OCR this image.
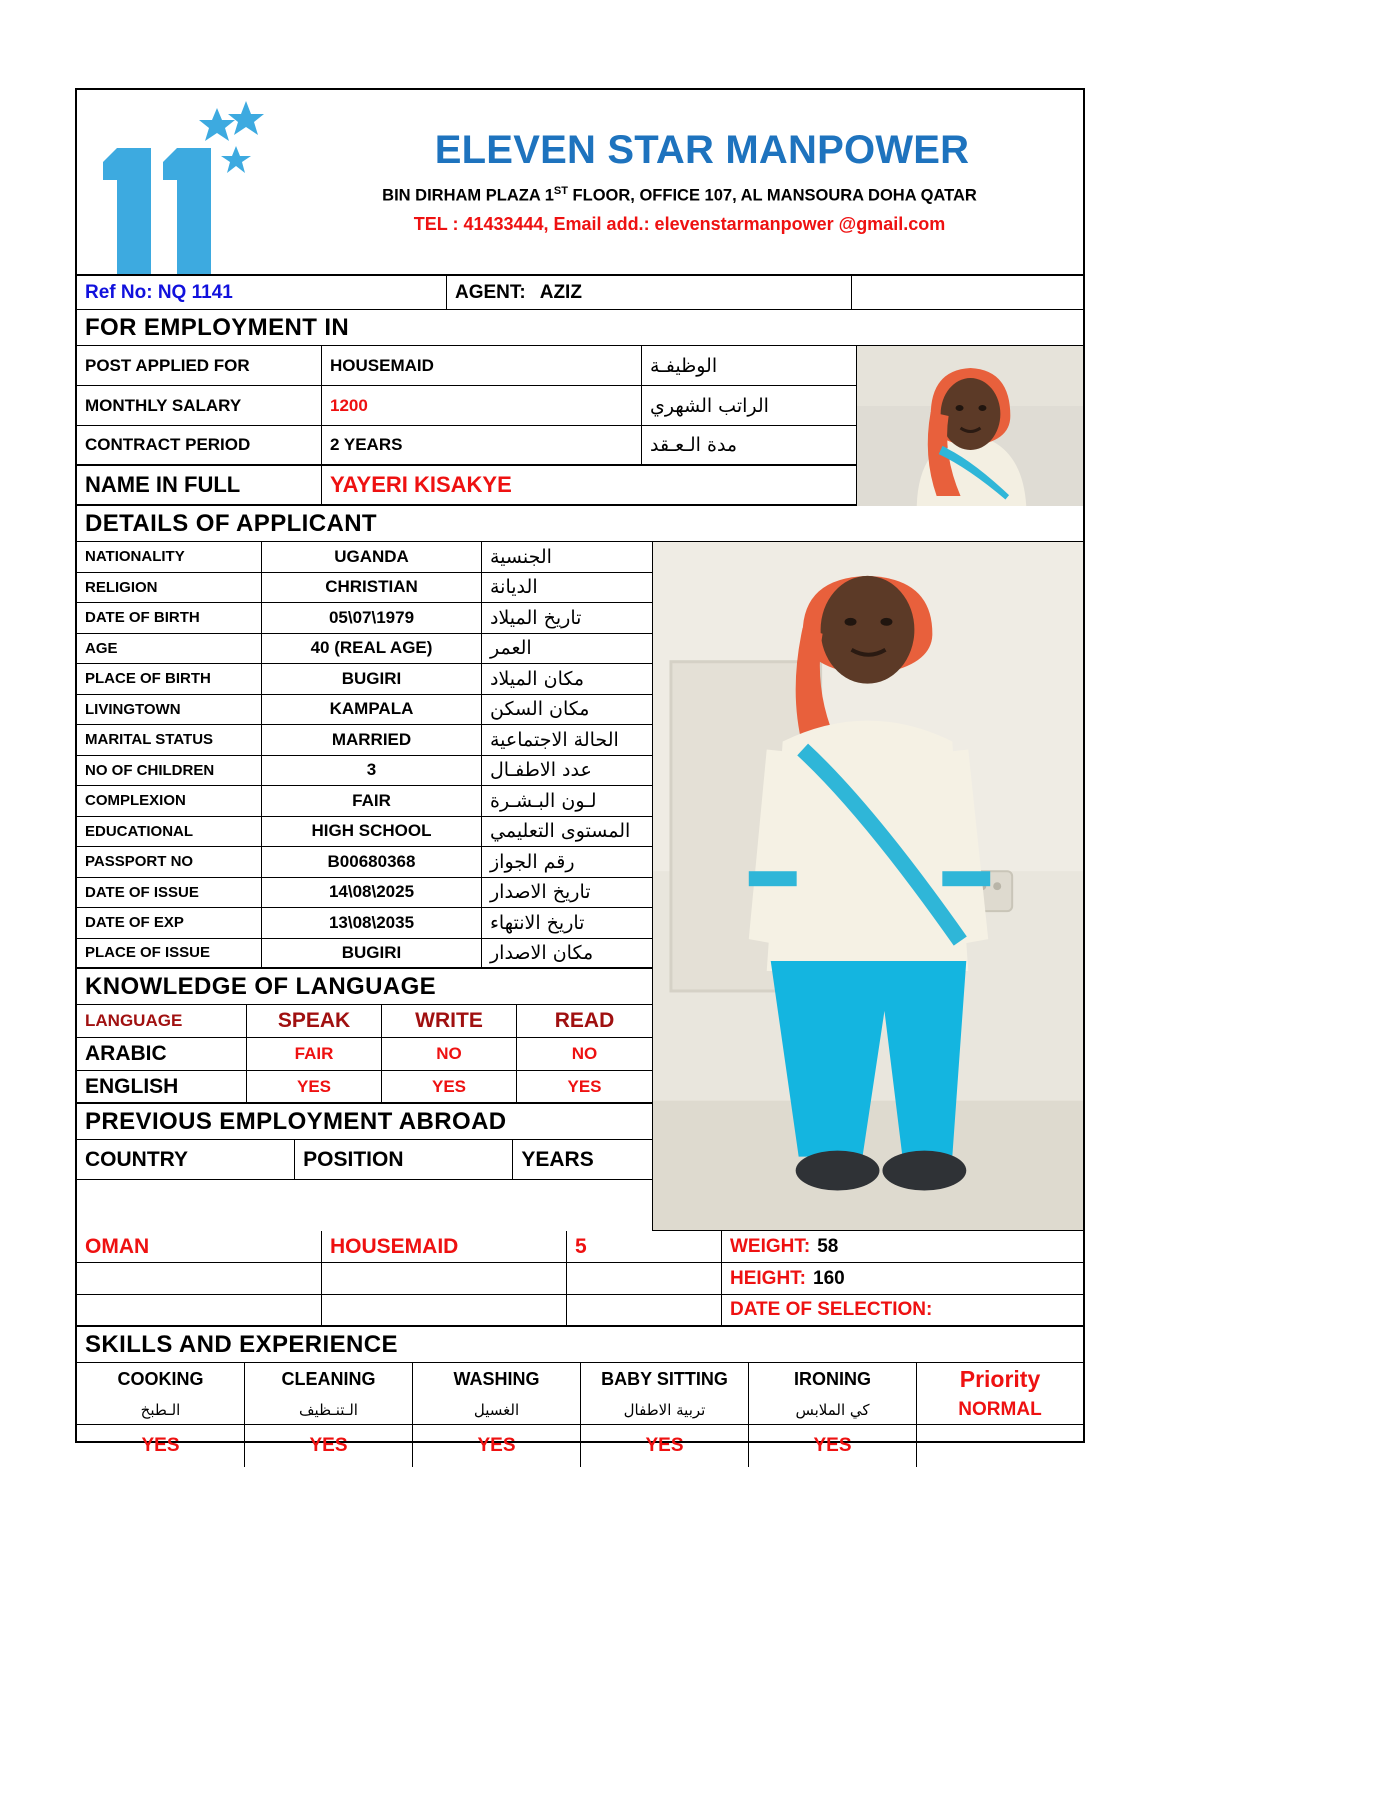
ELEVEN STAR MANPOWER
BIN DIRHAM PLAZA 1ST FLOOR, OFFICE 107, AL MANSOURA DOHA QATAR
TEL : 41433444, Email add.: elevenstarmanpower @gmail.com
Ref No: NQ 1141	AGENT: AZIZ
FOR EMPLOYMENT IN
POST APPLIED FOR	HOUSEMAID	الوظيفـة
MONTHLY SALARY	1200	الراتب الشهري
CONTRACT PERIOD	2 YEARS	مدة الـعـقد
NAME IN FULL	YAYERI KISAKYE
DETAILS OF APPLICANT
NATIONALITY	UGANDA	الجنسية
RELIGION	CHRISTIAN	الديانة
DATE OF BIRTH	05\07\1979	تاريخ الميلاد
AGE	40 (REAL AGE)	العمر
PLACE OF BIRTH	BUGIRI	مكان الميلاد
LIVINGTOWN	KAMPALA	مكان السكن
MARITAL STATUS	MARRIED	الحالة الاجتماعية
NO OF CHILDREN	3	عدد الاطفـال
COMPLEXION	FAIR	لـون البـشـرة
EDUCATIONAL	HIGH SCHOOL	المستوى التعليمي
PASSPORT NO	B00680368	رقم الجواز
DATE OF ISSUE	14\08\2025	تاريخ الاصدار
DATE OF EXP	13\08\2035	تاريخ الانتهاء
PLACE OF ISSUE	BUGIRI	مكان الاصدار
KNOWLEDGE OF LANGUAGE
LANGUAGE	SPEAK	WRITE	READ
ARABIC	FAIR	NO	NO
ENGLISH	YES	YES	YES
PREVIOUS EMPLOYMENT ABROAD
COUNTRY	POSITION	YEARS
OMAN	HOUSEMAID	5	WEIGHT: 58
HEIGHT: 160
DATE OF SELECTION:
SKILLS AND EXPERIENCE
COOKING	CLEANING	WASHING	BABY SITTING	IRONING	Priority
الـطبخ	الـتنـظيف	الغسيل	تربية الاطفال	كي الملابس	NORMAL
YES	YES	YES	YES	YES
